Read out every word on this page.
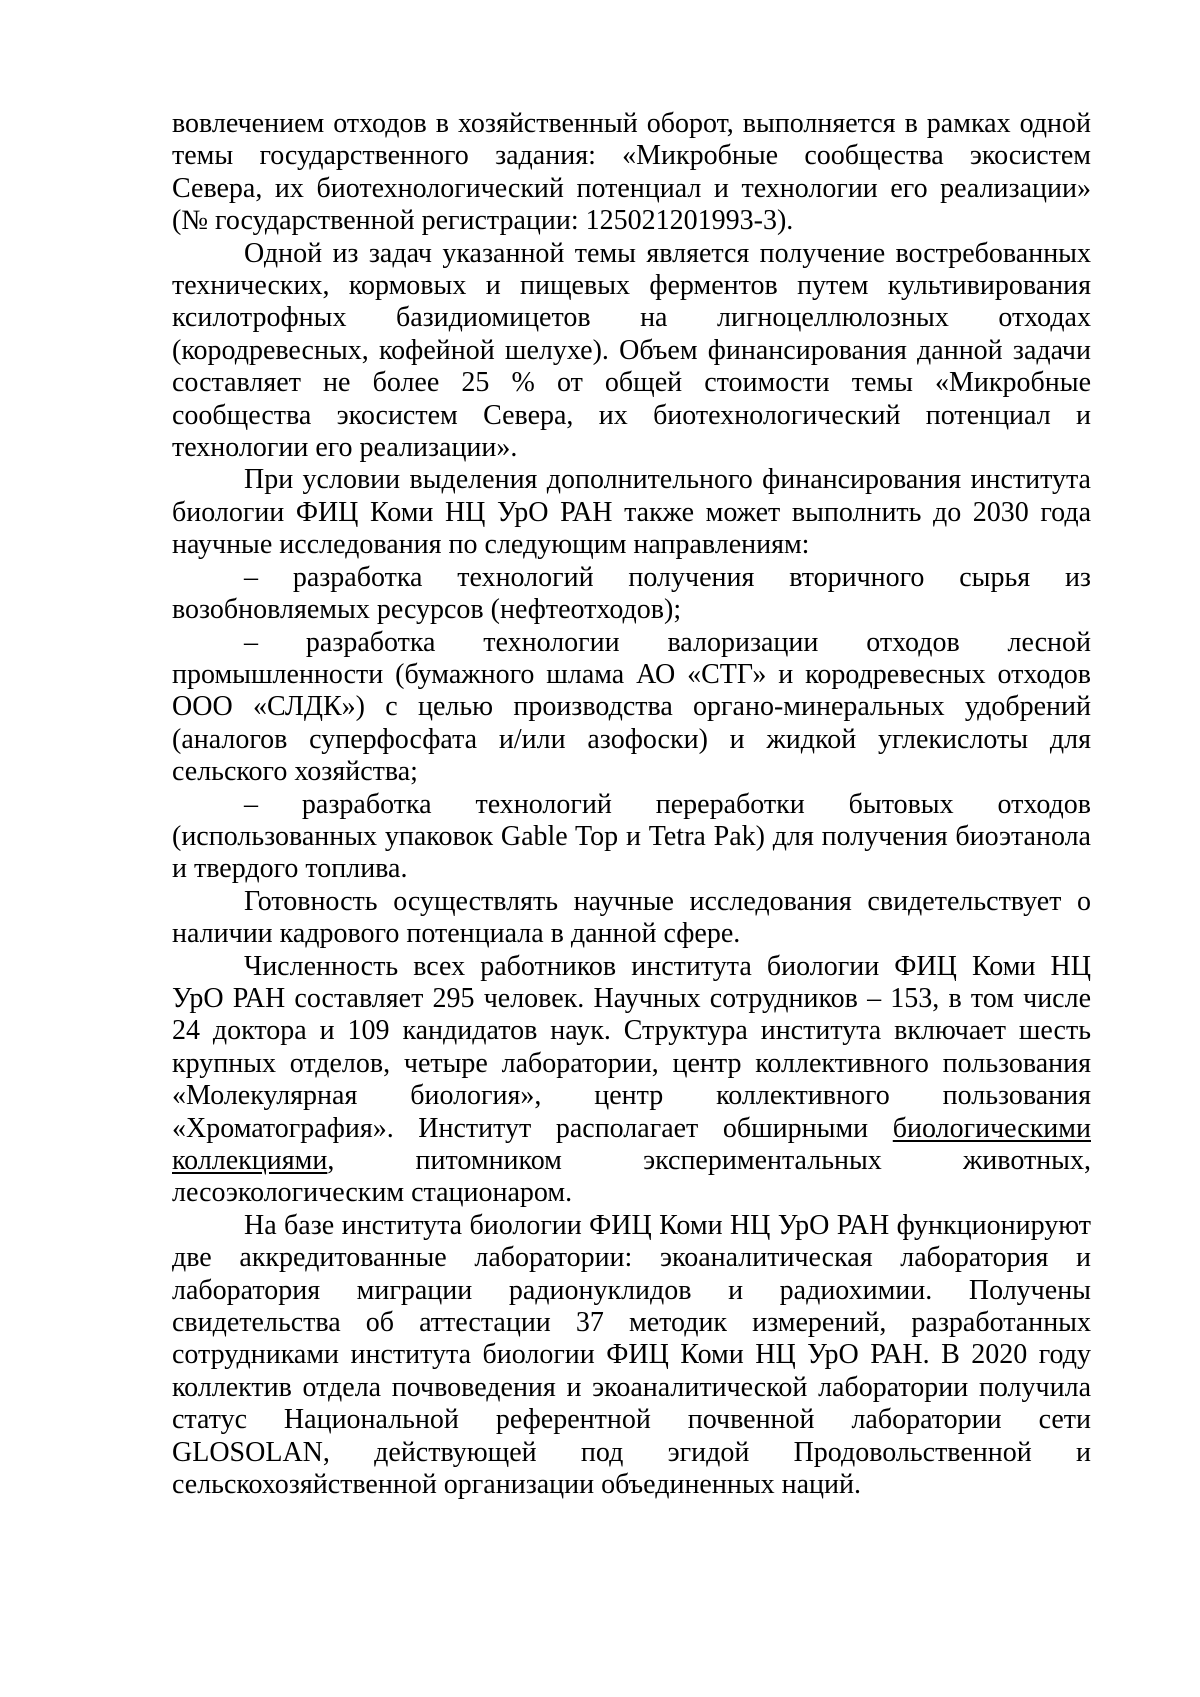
вовлечением отходов в хозяйственный оборот, выполняется в рамках одной темы государственного задания: «Микробные сообщества экосистем Севера, их биотехнологический потенциал и технологии его реализации» (№ государственной регистрации: 125021201993-3).

Одной из задач указанной темы является получение востребованных технических, кормовых и пищевых ферментов путем культивирования ксилотрофных базидиомицетов на лигноцеллюлозных отходах (кородревесных, кофейной шелухе). Объем финансирования данной задачи составляет не более 25 % от общей стоимости темы «Микробные сообщества экосистем Севера, их биотехнологический потенциал и технологии его реализации».

При условии выделения дополнительного финансирования института биологии ФИЦ Коми НЦ УрО РАН также может выполнить до 2030 года научные исследования по следующим направлениям:

– разработка технологий получения вторичного сырья из возобновляемых ресурсов (нефтеотходов);

– разработка технологии валоризации отходов лесной промышленности (бумажного шлама АО «СТГ» и кородревесных отходов ООО «СЛДК») с целью производства органо-минеральных удобрений (аналогов суперфосфата и/или азофоски) и жидкой углекислоты для сельского хозяйства;

– разработка технологий переработки бытовых отходов (использованных упаковок Gable Top и Tetra Pak) для получения биоэтанола и твердого топлива.

Готовность осуществлять научные исследования свидетельствует о наличии кадрового потенциала в данной сфере.

Численность всех работников института биологии ФИЦ Коми НЦ УрО РАН составляет 295 человек. Научных сотрудников – 153, в том числе 24 доктора и 109 кандидатов наук. Структура института включает шесть крупных отделов, четыре лаборатории, центр коллективного пользования «Молекулярная биология», центр коллективного пользования «Хроматография». Институт располагает обширными биологическими коллекциями, питомником экспериментальных животных, лесоэкологическим стационаром.

На базе института биологии ФИЦ Коми НЦ УрО РАН функционируют две аккредитованные лаборатории: экоаналитическая лаборатория и лаборатория миграции радионуклидов и радиохимии. Получены свидетельства об аттестации 37 методик измерений, разработанных сотрудниками института биологии ФИЦ Коми НЦ УрО РАН. В 2020 году коллектив отдела почвоведения и экоаналитической лаборатории получила статус Национальной референтной почвенной лаборатории сети GLOSOLAN, действующей под эгидой Продовольственной и сельскохозяйственной организации объединенных наций.
